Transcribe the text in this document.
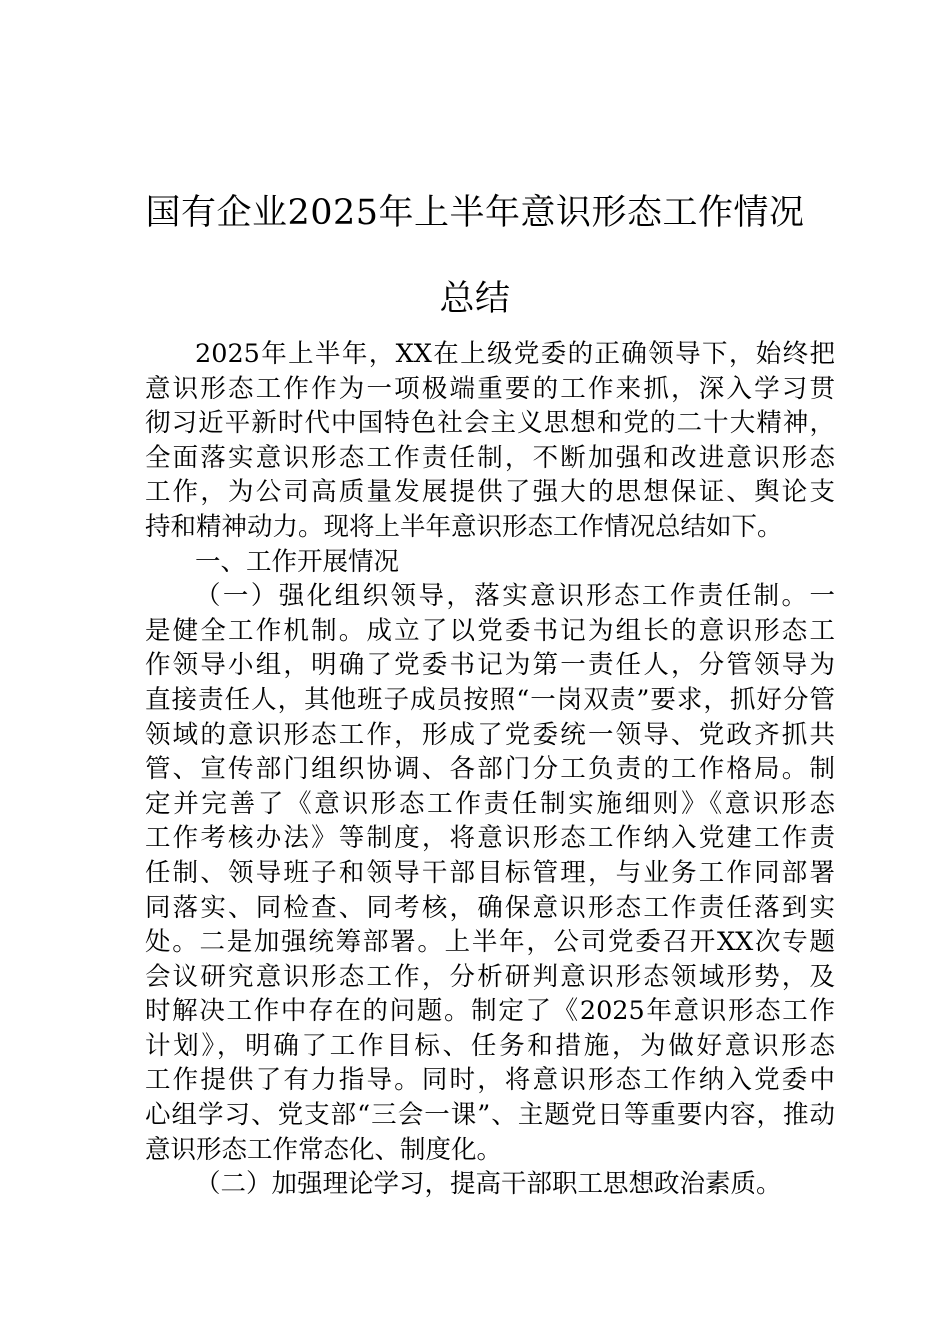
国有企业2025年上半年意识形态工作情况
总结
2025年上半年，XX在上级党委的正确领导下，始终把
意识形态工作作为一项极端重要的工作来抓，深入学习贯
彻习近平新时代中国特色社会主义思想和党的二十大精神，
全面落实意识形态工作责任制，不断加强和改进意识形态
工作，为公司高质量发展提供了强大的思想保证、舆论支
持和精神动力。现将上半年意识形态工作情况总结如下。
一、工作开展情况
（一）强化组织领导，落实意识形态工作责任制。一
是健全工作机制。成立了以党委书记为组长的意识形态工
作领导小组，明确了党委书记为第一责任人，分管领导为
直接责任人，其他班子成员按照“一岗双责”要求，抓好分管
领域的意识形态工作，形成了党委统一领导、党政齐抓共
管、宣传部门组织协调、各部门分工负责的工作格局。制
定并完善了《意识形态工作责任制实施细则》《意识形态
工作考核办法》等制度，将意识形态工作纳入党建工作责
任制、领导班子和领导干部目标管理，与业务工作同部署
同落实、同检查、同考核，确保意识形态工作责任落到实
处。二是加强统筹部署。上半年，公司党委召开XX次专题
会议研究意识形态工作，分析研判意识形态领域形势，及
时解决工作中存在的问题。制定了《2025年意识形态工作
计划》，明确了工作目标、任务和措施，为做好意识形态
工作提供了有力指导。同时，将意识形态工作纳入党委中
心组学习、党支部“三会一课”、主题党日等重要内容，推动
意识形态工作常态化、制度化。
（二）加强理论学习，提高干部职工思想政治素质。
